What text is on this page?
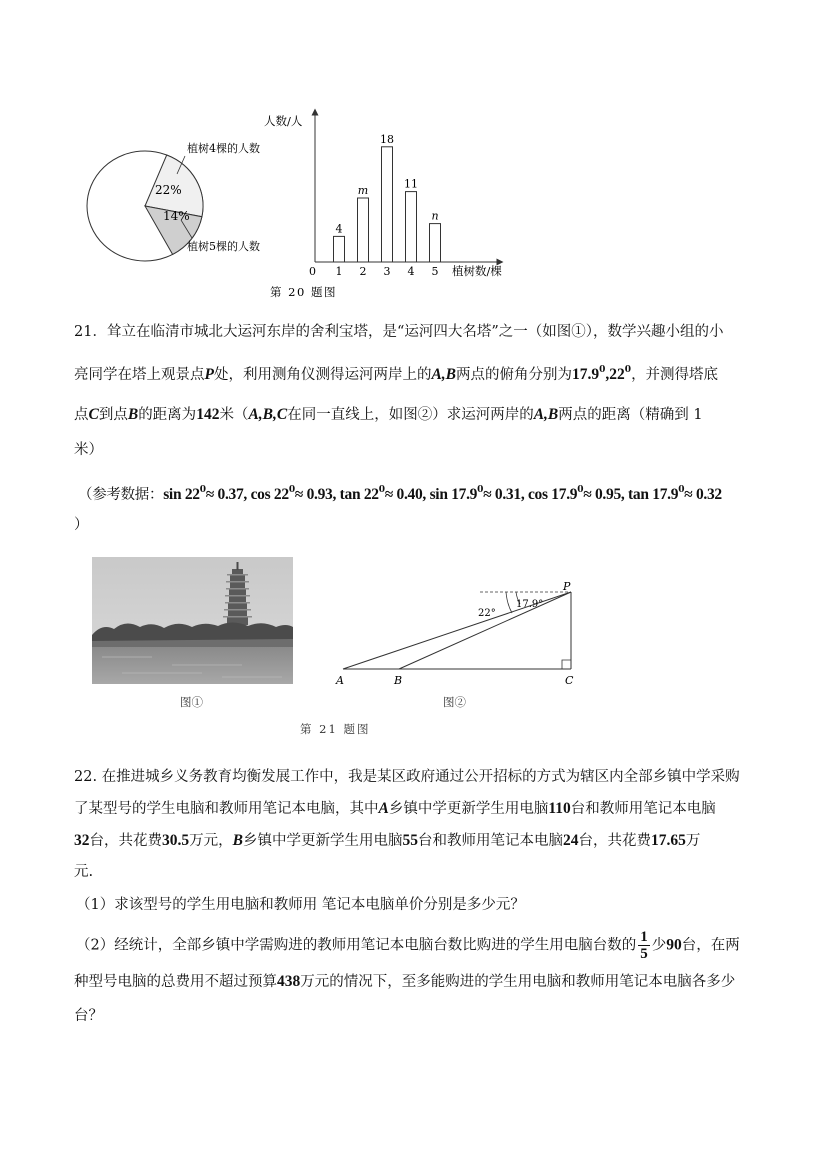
22%
14%
植树4棵的人数
植树5棵的人数
人数/人
植树数/棵
0
4
1
m
2
18
3
11
4
n
5
第 20 题图
21．耸立在临清市城北大运河东岸的舍利宝塔，是“运河四大名塔”之一（如图①），数学兴趣小组的小
亮同学在塔上观景点P处，利用测角仪测得运河两岸上的A,B两点的俯角分别为$17.9^0,22^0$，并测得塔底
点C到点B的距离为142米（A,B,C在同一直线上，如图②）求运河两岸的A,B两点的距离（精确到 1
米）
（参考数据：$\sin 22^0\approx 0.37$, $\cos 22^0\approx 0.93$, $\tan 22^0\approx 0.40$, $\sin 17.9^0\approx 0.31$, $\cos 17.9^0\approx 0.95$, $\tan 17.9^0\approx 0.32$
）
图①
22°
17.9°
P
A	B	C
图②
第 21 题图
22. 在推进城乡义务教育均衡发展工作中，我是某区政府通过公开招标的方式为辖区内全部乡镇中学采购
了某型号的学生电脑和教师用笔记本电脑，其中A乡镇中学更新学生用电脑110台和教师用笔记本电脑
32台，共花费30.5万元，B乡镇中学更新学生用电脑55台和教师用笔记本电脑24台，共花费17.65万
元.
（1）求该型号的学生用电脑和教师用 笔记本电脑单价分别是多少元？
（2）经统计，全部乡镇中学需购进的教师用笔记本电脑台数比购进的学生用电脑台数的 $\frac{1}{5}$ 少90台，在两
种型号电脑的总费用不超过预算438万元的情况下，至多能购进的学生用电脑和教师用笔记本电脑各多少
台？
